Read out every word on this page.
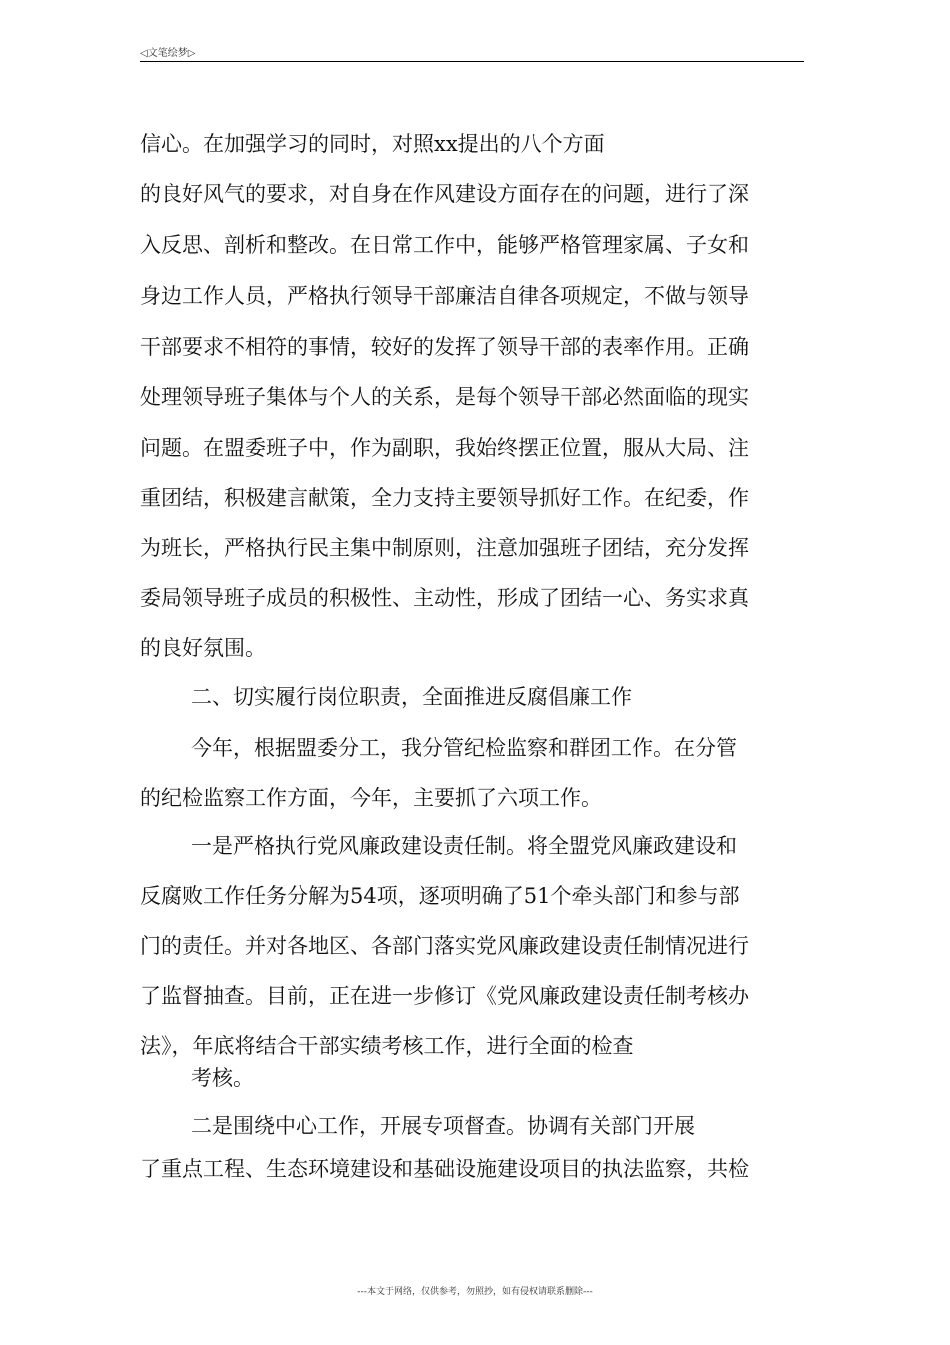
◁文笔绘梦▷
信心。在加强学习的同时，对照xx提出的八个方面
的良好风气的要求，对自身在作风建设方面存在的问题，进行了深
入反思、剖析和整改。在日常工作中，能够严格管理家属、子女和
身边工作人员，严格执行领导干部廉洁自律各项规定，不做与领导
干部要求不相符的事情，较好的发挥了领导干部的表率作用。正确
处理领导班子集体与个人的关系，是每个领导干部必然面临的现实
问题。在盟委班子中，作为副职，我始终摆正位置，服从大局、注
重团结，积极建言献策，全力支持主要领导抓好工作。在纪委，作
为班长，严格执行民主集中制原则，注意加强班子团结，充分发挥
委局领导班子成员的积极性、主动性，形成了团结一心、务实求真
的良好氛围。
二、切实履行岗位职责，全面推进反腐倡廉工作
今年，根据盟委分工，我分管纪检监察和群团工作。在分管
的纪检监察工作方面，今年，主要抓了六项工作。
一是严格执行党风廉政建设责任制。将全盟党风廉政建设和
反腐败工作任务分解为54项，逐项明确了51个牵头部门和参与部
门的责任。并对各地区、各部门落实党风廉政建设责任制情况进行
了监督抽查。目前，正在进一步修订《党风廉政建设责任制考核办
法》，年底将结合干部实绩考核工作，进行全面的检查
考核。
二是围绕中心工作，开展专项督查。协调有关部门开展
了重点工程、生态环境建设和基础设施建设项目的执法监察，共检
---本文于网络，仅供参考，勿照抄，如有侵权请联系删除---
